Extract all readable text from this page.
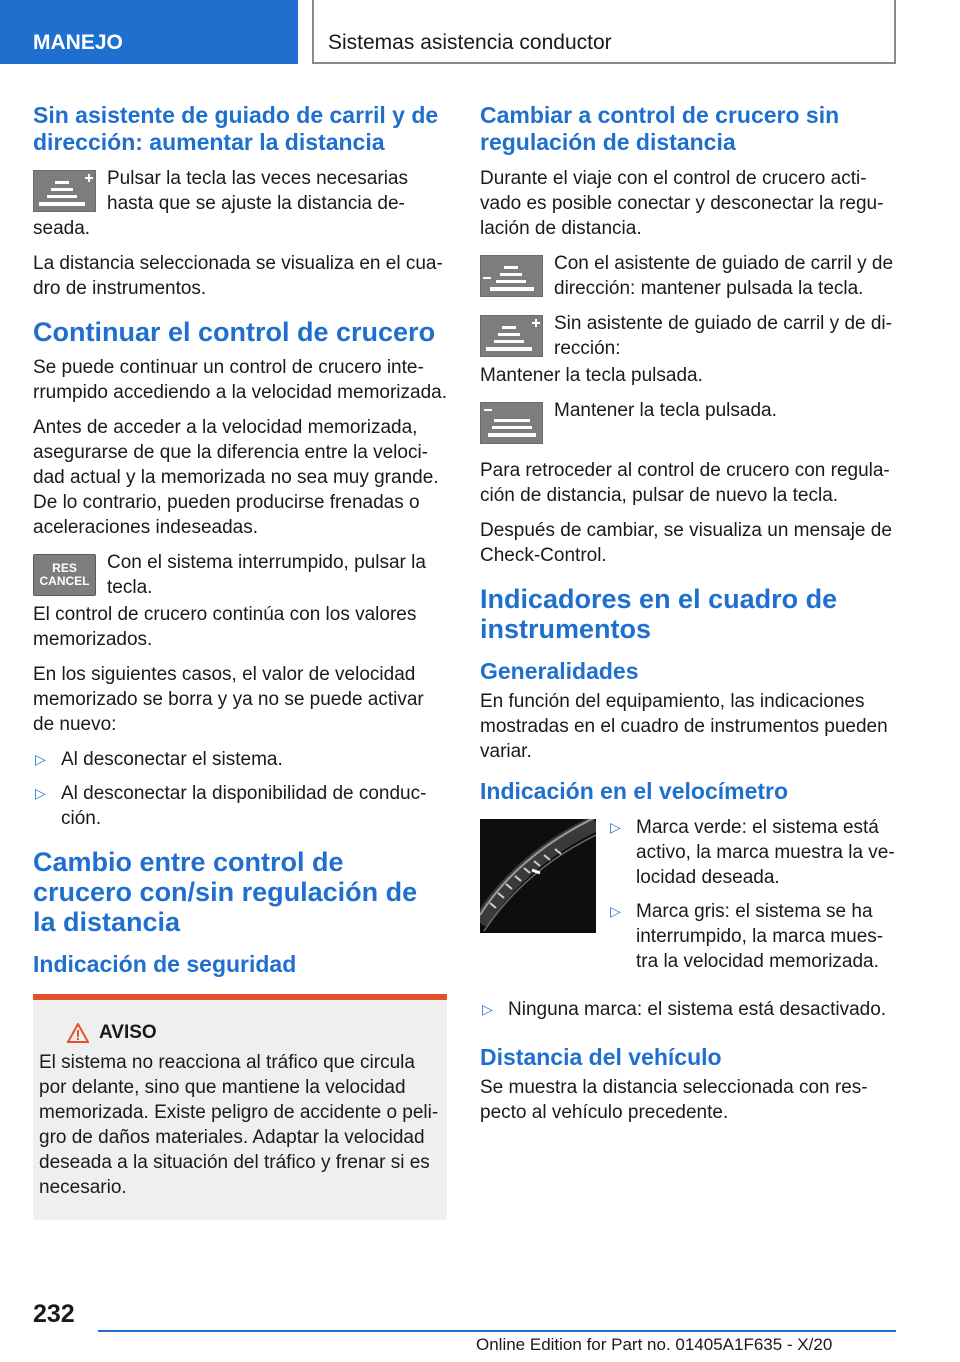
MANEJO	Sistemas asistencia conductor
Sin asistente de guiado de carril y de dirección: aumentar la distancia
Pulsar la tecla las veces necesarias hasta que se ajuste la distancia de-seada.
La distancia seleccionada se visualiza en el cua-dro de instrumentos.
Continuar el control de crucero
Se puede continuar un control de crucero inte-rrumpido accediendo a la velocidad memorizada.
Antes de acceder a la velocidad memorizada, asegurarse de que la diferencia entre la veloci-dad actual y la memorizada no sea muy grande. De lo contrario, pueden producirse frenadas o aceleraciones indeseadas.
RES
CANCEL
Con el sistema interrumpido, pulsar la tecla.
El control de crucero continúa con los valores memorizados.
En los siguientes casos, el valor de velocidad memorizado se borra y ya no se puede activar de nuevo:
▷ Al desconectar el sistema.
▷ Al desconectar la disponibilidad de conduc-ción.
Cambio entre control de crucero con/sin regulación de la distancia
Indicación de seguridad
AVISO
El sistema no reacciona al tráfico que circula por delante, sino que mantiene la velocidad memorizada. Existe peligro de accidente o peli-gro de daños materiales. Adaptar la velocidad deseada a la situación del tráfico y frenar si es necesario.
Cambiar a control de crucero sin regulación de distancia
Durante el viaje con el control de crucero acti-vado es posible conectar y desconectar la regu-lación de distancia.
Con el asistente de guiado de carril y de dirección: mantener pulsada la tecla.
Sin asistente de guiado de carril y de di-rección:
Mantener la tecla pulsada.
Mantener la tecla pulsada.
Para retroceder al control de crucero con regula-ción de distancia, pulsar de nuevo la tecla.
Después de cambiar, se visualiza un mensaje de Check-Control.
Indicadores en el cuadro de instrumentos
Generalidades
En función del equipamiento, las indicaciones mostradas en el cuadro de instrumentos pueden variar.
Indicación en el velocímetro
▷ Marca verde: el sistema está activo, la marca muestra la ve-locidad deseada.
▷ Marca gris: el sistema se ha interrumpido, la marca mues-tra la velocidad memorizada.
▷ Ninguna marca: el sistema está desactivado.
Distancia del vehículo
Se muestra la distancia seleccionada con res-pecto al vehículo precedente.
232
Online Edition for Part no. 01405A1F635 - X/20
